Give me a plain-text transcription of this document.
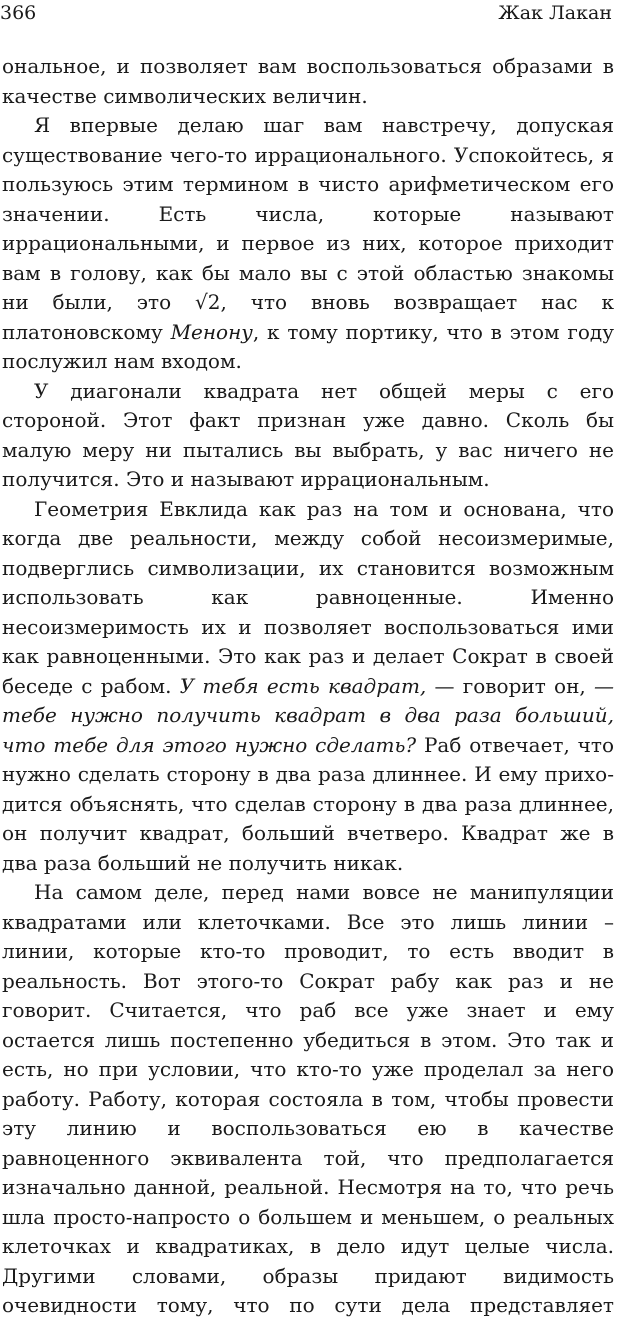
366	Жак Лакан

ональное, и позволяет вам воспользоваться образами в качестве символических величин.

Я впервые делаю шаг вам навстречу, допуская существование чего-то иррационального. Успокойтесь, я пользуюсь этим термином в чисто арифметическом его значении. Есть числа, которые называют иррациональными, и первое из них, которое приходит вам в голову, как бы мало вы с этой областью знакомы ни были, это √2, что вновь возвращает нас к платоновскому Менону, к тому портику, что в этом году послужил нам входом.

У диагонали квадрата нет общей меры с его стороной. Этот факт признан уже давно. Сколь бы малую меру ни пытались вы выбрать, у вас ничего не получится. Это и называют иррациональным.

Геометрия Евклида как раз на том и основана, что когда две реальности, между собой несоизмеримые, подверглись символизации, их становится возможным использовать как равноценные. Именно несоизмеримость их и позволяет воспользоваться ими как равноценными. Это как раз и делает Сократ в своей беседе с рабом. У тебя есть квадрат, — говорит он, — тебе нужно получить квадрат в два раза больший, что тебе для этого нужно сделать? Раб отвечает, что нужно сделать сторону в два раза длиннее. И ему приходится объяснять, что сделав сторону в два раза длиннее, он получит квадрат, больший вчетверо. Квадрат же в два раза больший не получить никак.

На самом деле, перед нами вовсе не манипуляции квадратами или клеточками. Все это лишь линии – линии, которые кто-то проводит, то есть вводит в реальность. Вот этого-то Сократ рабу как раз и не говорит. Считается, что раб все уже знает и ему остается лишь постепенно убедиться в этом. Это так и есть, но при условии, что кто-то уже проделал за него работу. Работу, которая состояла в том, чтобы провести эту линию и воспользоваться ею в качестве равноценного эквивалента той, что предполагается изначально данной, реальной. Несмотря на то, что речь шла просто-напросто о большем и меньшем, о реальных клеточках и квадратиках, в дело идут целые числа. Другими словами, образы придают видимость очевидности тому, что по сути дела представляет
